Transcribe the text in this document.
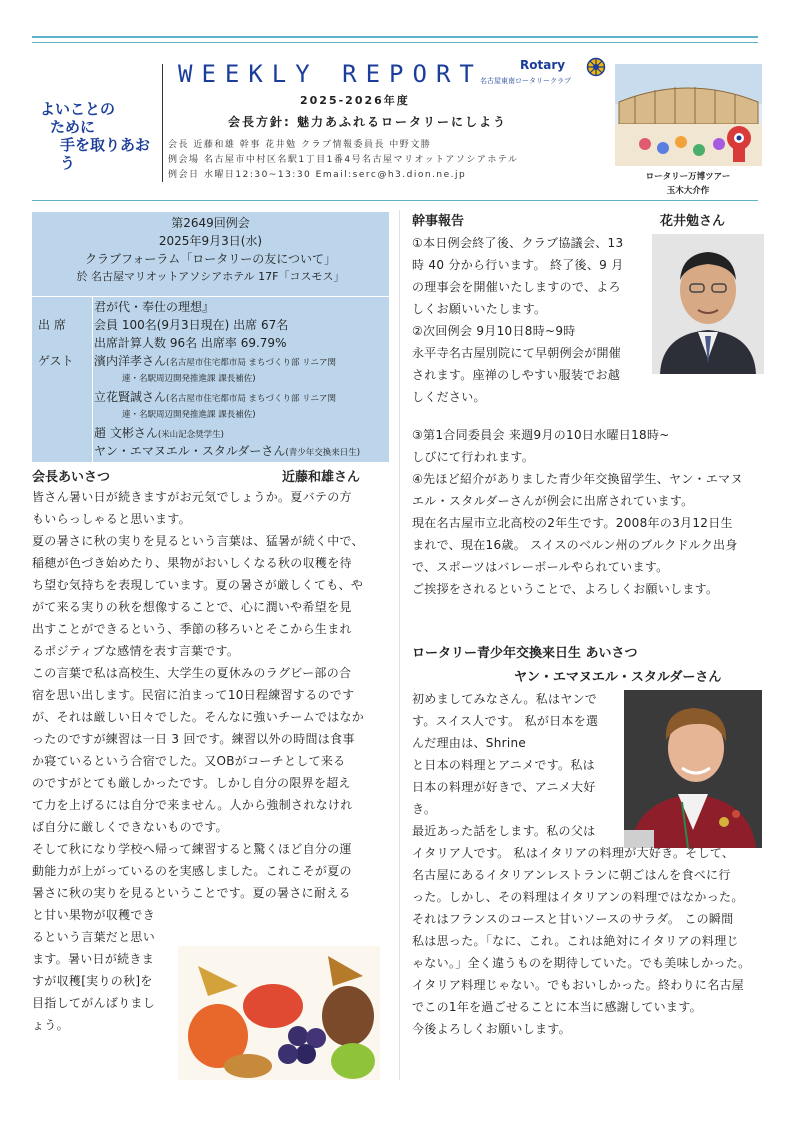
よいことの
ために
手を取りあおう
WEEKLY REPORT	Rotary
名古屋東南ロータリークラブ
2025-2026年度
会長方針: 魅力あふれるロータリーにしよう
会長 近藤和雄 幹事 花井勉 クラブ情報委員長 中野文勝
例会場 名古屋市中村区名駅1丁目1番4号名古屋マリオットアソシアホテル
例会日 水曜日12:30~13:30 Email:serc@h3.dion.ne.jp	ロータリー万博ツアー
玉木大介作
第2649回例会
2025年9月3日(水)
クラブフォーラム「ロータリーの友について」
於 名古屋マリオットアソシアホテル 17F「コスモス」
君が代・奉仕の理想』
出 席 会員 100名(9月3日現在) 出席 67名
出席計算人数 96名 出席率 69.79%
ゲスト 濱内洋孝さん(名古屋市住宅都市局 まちづくり部 リニア関
連・名駅周辺開発推進課 課長補佐)
立花賢誠さん(名古屋市住宅都市局 まちづくり部 リニア関
連・名駅周辺開発推進課 課長補佐)
趙 文彬さん(米山記念奨学生)
ヤン・エマヌエル・スタルダーさん(青少年交換来日生)
会長あいさつ	近藤和雄さん

皆さん暑い日が続きますがお元気でしょうか。夏バテの方

もいらっしゃると思います。

夏の暑さに秋の実りを見るという言葉は、猛暑が続く中で、

稲穂が色づき始めたり、果物がおいしくなる秋の収穫を待

ち望む気持ちを表現しています。夏の暑さが厳しくても、や

がて来る実りの秋を想像することで、心に潤いや希望を見

出すことができるという、季節の移ろいとそこから生まれ

るポジティブな感情を表す言葉です。

この言葉で私は高校生、大学生の夏休みのラグビー部の合

宿を思い出します。民宿に泊まって10日程練習するのです

が、それは厳しい日々でした。そんなに強いチームではなか

ったのですが練習は一日 3 回です。練習以外の時間は食事

か寝ているという合宿でした。又OBがコーチとして来る

のですがとても厳しかったです。しかし自分の限界を超え

て力を上げるには自分で来ません。人から強制されなけれ

ば自分に厳しくできないものです。

そして秋になり学校へ帰って練習すると驚くほど自分の運

動能力が上がっているのを実感しました。これこそが夏の

暑さに秋の実りを見るということです。夏の暑さに耐える

と甘い果物が収穫でき

るという言葉だと思い

ます。暑い日が続きま

すが収穫[実りの秋]を

目指してがんばりまし

ょう。

幹事報告	花井勉さん

①本日例会終了後、クラブ協議会、13

時 40 分から行います。 終了後、9 月

の理事会を開催いたしますので、よろ

しくお願いいたします。

②次回例会 9月10日8時~9時

永平寺名古屋別院にて早朝例会が開催

されます。座禅のしやすい服装でお越

しください。

③第1合同委員会 来週9月の10日水曜日18時~

しびにて行われます。

④先ほど紹介がありました青少年交換留学生、ヤン・エマヌ

エル・スタルダーさんが例会に出席されています。

現在名古屋市立北高校の2年生です。2008年の3月12日生

まれで、現在16歳。 スイスのベルン州のブルクドルク出身

で、スポーツはバレーボールやられています。

ご挨拶をされるということで、よろしくお願いします。

ロータリー青少年交換来日生 あいさつ
ヤン・エマヌエル・スタルダーさん

初めましてみなさん。私はヤンで

す。スイス人です。 私が日本を選

んだ理由は、Shrine

と日本の料理とアニメです。私は

日本の料理が好きで、アニメ大好

き。

最近あった話をします。私の父は

イタリア人です。 私はイタリアの料理が大好き。そして、

名古屋にあるイタリアンレストランに朝ごはんを食べに行

った。しかし、その料理はイタリアンの料理ではなかった。

それはフランスのコースと甘いソースのサラダ。 この瞬間

私は思った。「なに、これ。これは絶対にイタリアの料理じ

ゃない。」全く違うものを期待していた。でも美味しかった。

イタリア料理じゃない。でもおいしかった。終わりに名古屋

でこの1年を過ごせることに本当に感謝しています。

今後よろしくお願いします。
